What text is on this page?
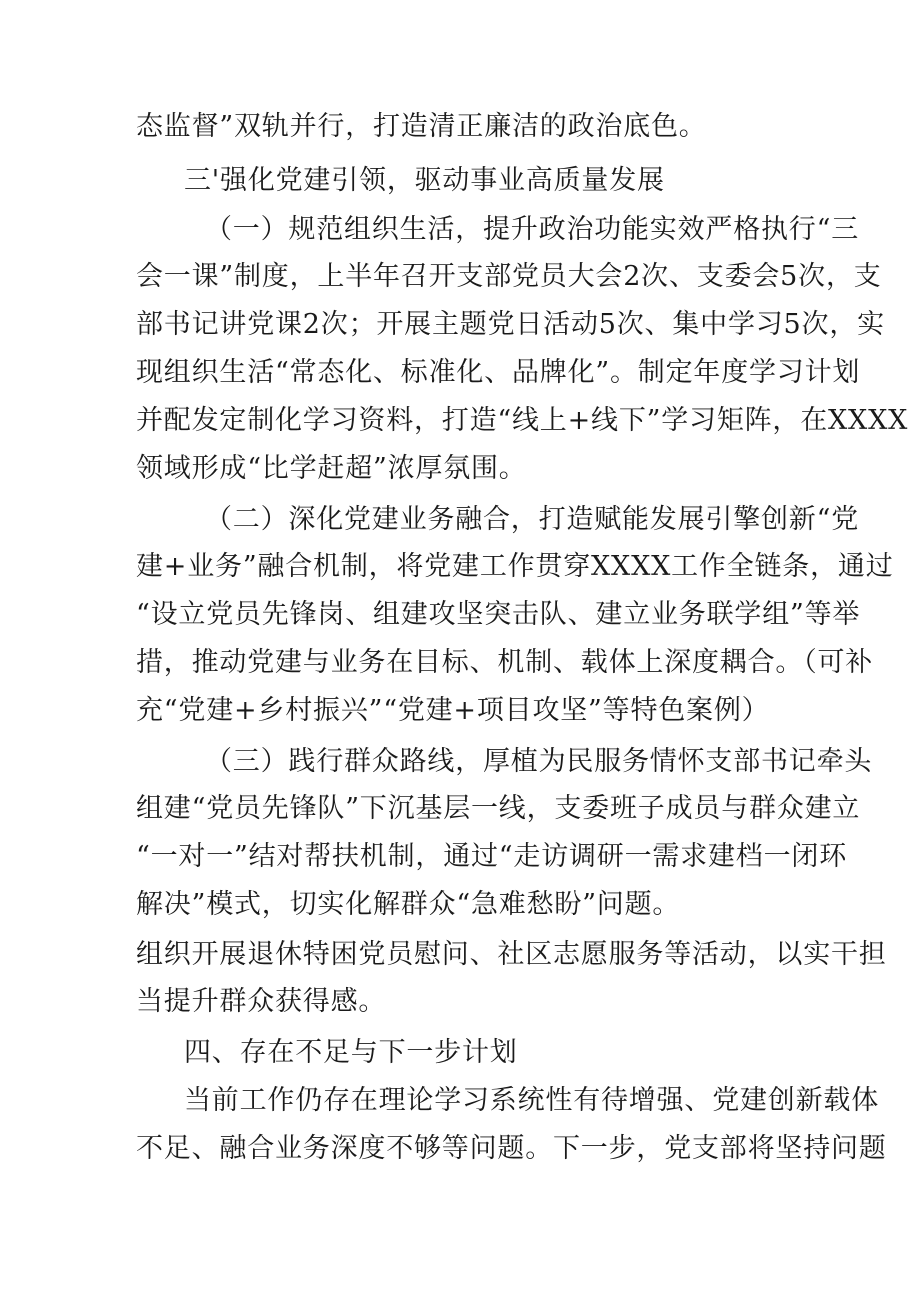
态监督”双轨并行，打造清正廉洁的政治底色。
三'强化党建引领，驱动事业高质量发展
（一）规范组织生活，提升政治功能实效严格执行“三
会一课”制度，上半年召开支部党员大会2次、支委会5次，支
部书记讲党课2次；开展主题党日活动5次、集中学习5次，实
现组织生活“常态化、标准化、品牌化”。制定年度学习计划
并配发定制化学习资料，打造“线上+线下”学习矩阵，在XXXX
领域形成“比学赶超”浓厚氛围。
（二）深化党建业务融合，打造赋能发展引擎创新“党
建+业务”融合机制，将党建工作贯穿XXXX工作全链条，通过
“设立党员先锋岗、组建攻坚突击队、建立业务联学组”等举
措，推动党建与业务在目标、机制、载体上深度耦合。（可补
充“党建+乡村振兴”“党建+项目攻坚”等特色案例）
（三）践行群众路线，厚植为民服务情怀支部书记牵头
组建“党员先锋队”下沉基层一线，支委班子成员与群众建立
“一对一”结对帮扶机制，通过“走访调研一需求建档一闭环
解决”模式，切实化解群众“急难愁盼”问题。
组织开展退休特困党员慰问、社区志愿服务等活动，以实干担
当提升群众获得感。
四、存在不足与下一步计划
当前工作仍存在理论学习系统性有待增强、党建创新载体
不足、融合业务深度不够等问题。下一步，党支部将坚持问题
